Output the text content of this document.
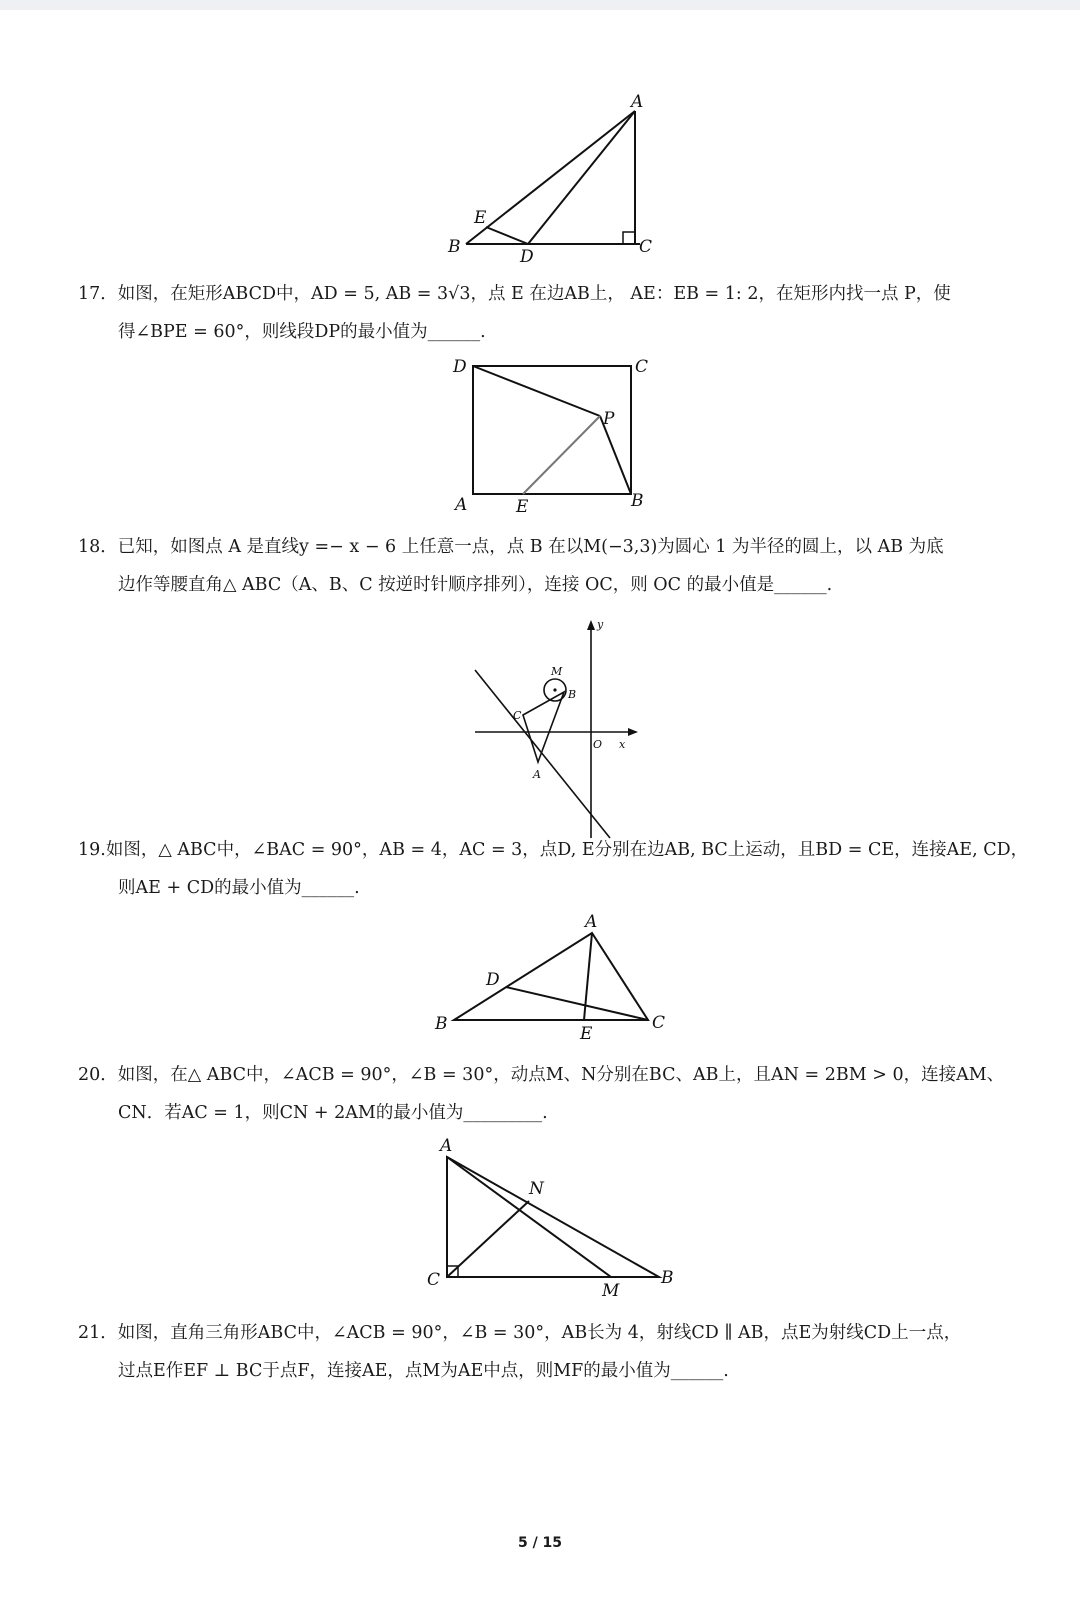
A
B	C
D
E
17．如图，在矩形ABCD中，AD = 5, AB = 3√3，点 E 在边AB上， AE：EB = 1: 2，在矩形内找一点 P，使
得∠BPE = 60°，则线段DP的最小值为______.
D	C
P
A	E	B
18．已知，如图点 A 是直线y =− x − 6 上任意一点，点 B 在以M(−3,3)为圆心 1 为半径的圆上，以 AB 为底
边作等腰直角△ ABC（A、B、C 按逆时针顺序排列），连接 OC，则 OC 的最小值是______.
y
x
O
M
B
C
A
19.如图，△ ABC中，∠BAC = 90°，AB = 4，AC = 3，点D, E分别在边AB, BC上运动，且BD = CE，连接AE, CD，
则AE + CD的最小值为______.
A
B	C
D
E
20．如图，在△ ABC中，∠ACB = 90°，∠B = 30°，动点M、N分别在BC、AB上，且AN = 2BM > 0，连接AM、
CN．若AC = 1，则CN + 2AM的最小值为_________.
A
N
C
M
B
21．如图，直角三角形ABC中，∠ACB = 90°，∠B = 30°，AB长为 4，射线CD ∥ AB，点E为射线CD上一点，
过点E作EF ⊥ BC于点F，连接AE，点M为AE中点，则MF的最小值为______.
5 / 15
